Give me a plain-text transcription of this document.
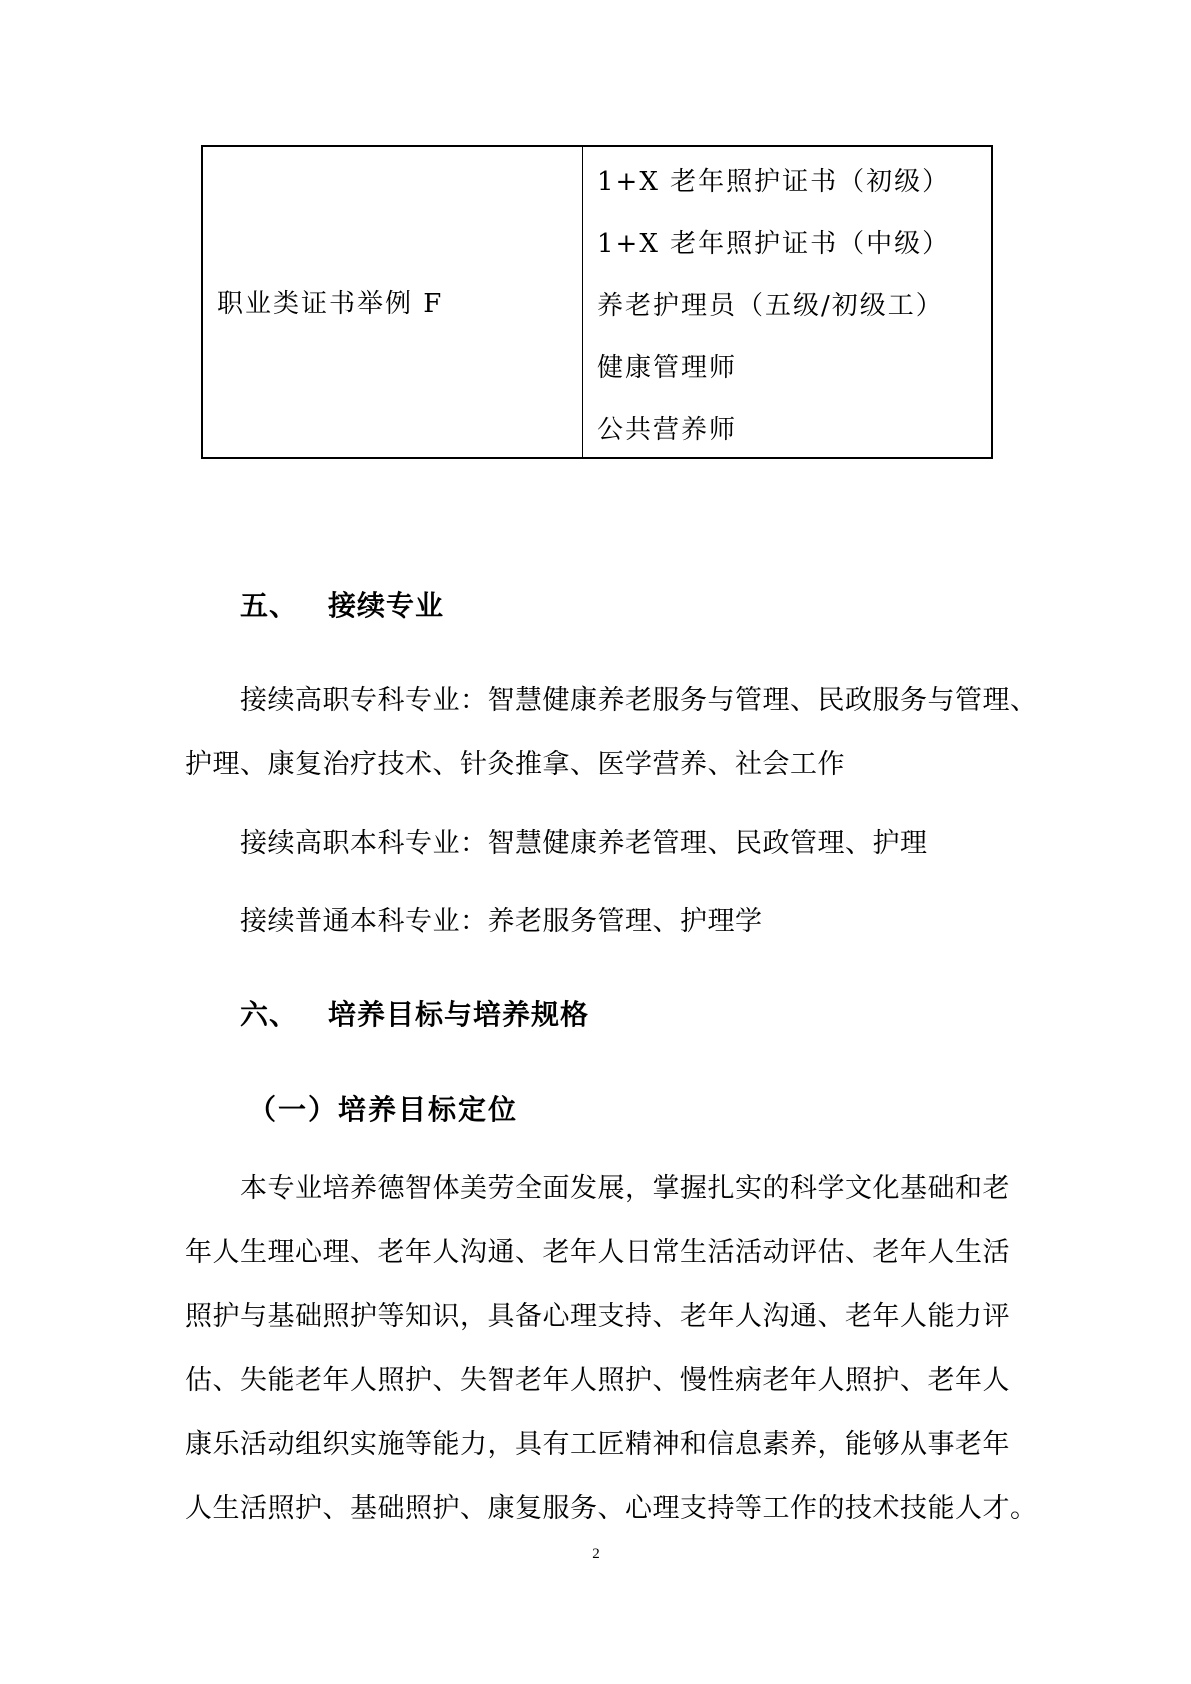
职业类证书举例 F
1+X 老年照护证书（初级）
1+X 老年照护证书（中级）
养老护理员（五级/初级工）
健康管理师
公共营养师
五、 接续专业
接续高职专科专业：智慧健康养老服务与管理、民政服务与管理、
护理、康复治疗技术、针灸推拿、医学营养、社会工作
接续高职本科专业：智慧健康养老管理、民政管理、护理
接续普通本科专业：养老服务管理、护理学
六、 培养目标与培养规格
（一）培养目标定位
本专业培养德智体美劳全面发展，掌握扎实的科学文化基础和老
年人生理心理、老年人沟通、老年人日常生活活动评估、老年人生活
照护与基础照护等知识，具备心理支持、老年人沟通、老年人能力评
估、失能老年人照护、失智老年人照护、慢性病老年人照护、老年人
康乐活动组织实施等能力，具有工匠精神和信息素养，能够从事老年
人生活照护、基础照护、康复服务、心理支持等工作的技术技能人才。
2
